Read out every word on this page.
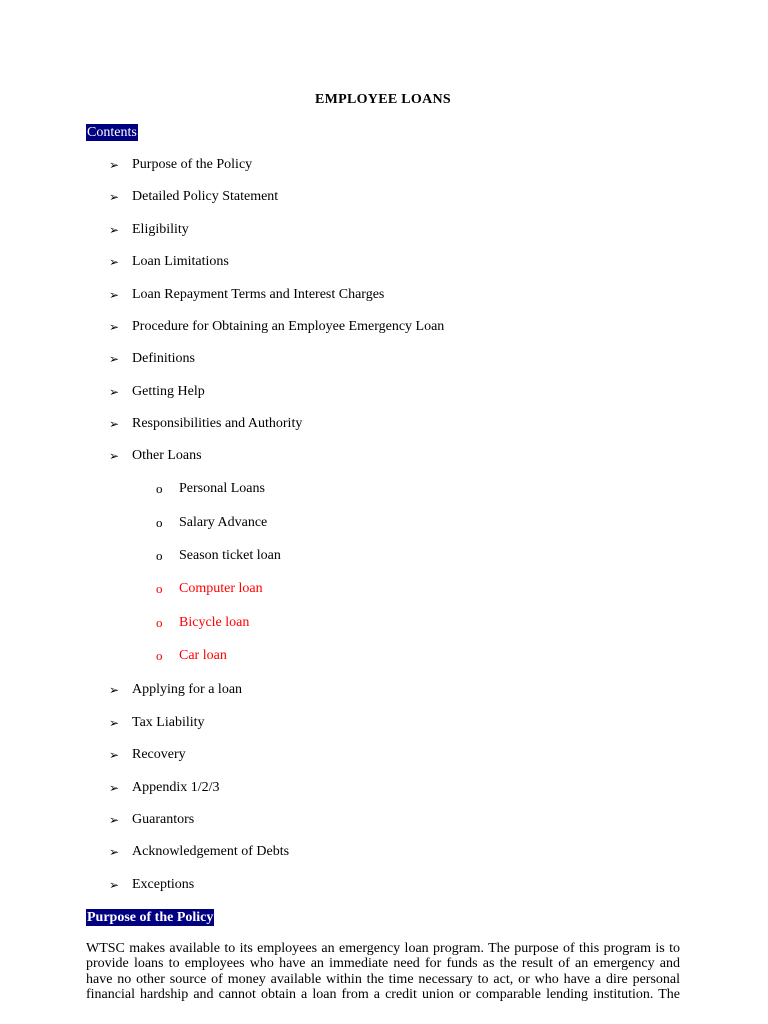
EMPLOYEE LOANS
Contents
➢ Purpose of the Policy
➢ Detailed Policy Statement
➢ Eligibility
➢ Loan Limitations
➢ Loan Repayment Terms and Interest Charges
➢ Procedure for Obtaining an Employee Emergency Loan
➢ Definitions
➢ Getting Help
➢ Responsibilities and Authority
➢ Other Loans
o Personal Loans
o Salary Advance
o Season ticket loan
o Computer loan
o Bicycle loan
o Car loan
➢ Applying for a loan
➢ Tax Liability
➢ Recovery
➢ Appendix 1/2/3
➢ Guarantors
➢ Acknowledgement of Debts
➢ Exceptions
Purpose of the Policy
WTSC makes available to its employees an emergency loan program. The purpose of this program is to provide loans to employees who have an immediate need for funds as the result of an emergency and have no other source of money available within the time necessary to act, or who have a dire personal financial hardship and cannot obtain a loan from a credit union or comparable lending institution. The
